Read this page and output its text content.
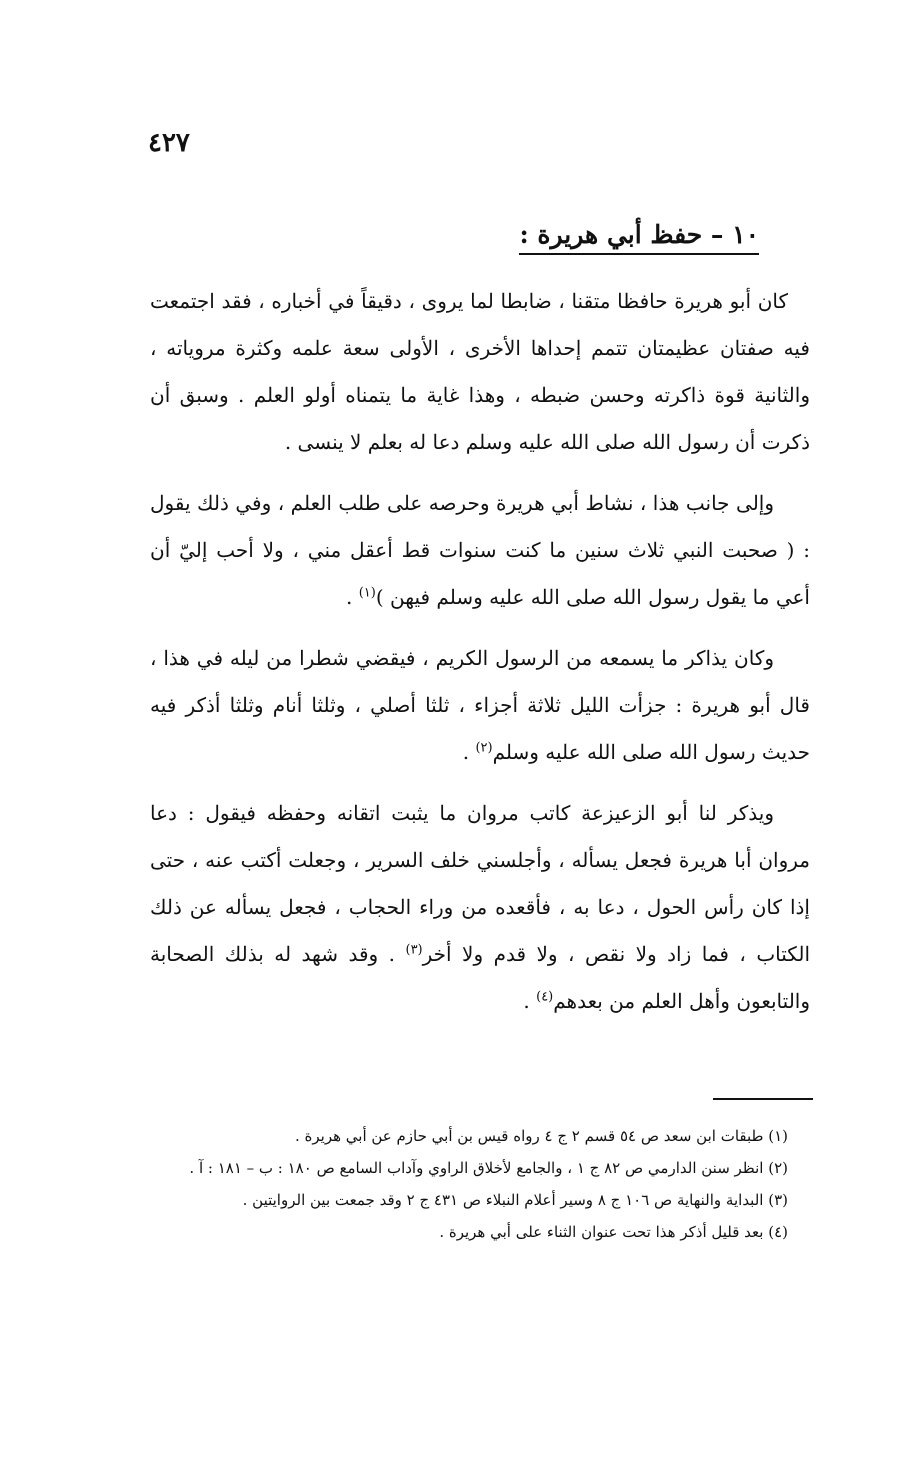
٤٢٧
١٠ – حفظ أبي هريرة :

كان أبو هريرة حافظا متقنا ، ضابطا لما يروى ، دقيقاً في أخباره ، فقد اجتمعت فيه صفتان عظيمتان تتمم إحداها الأخرى ، الأولى سعة علمه وكثرة مروياته ، والثانية قوة ذاكرته وحسن ضبطه ، وهذا غاية ما يتمناه أولو العلم . وسبق أن ذكرت أن رسول الله صلى الله عليه وسلم دعا له بعلم لا ينسى .

وإلى جانب هذا ، نشاط أبي هريرة وحرصه على طلب العلم ، وفي ذلك يقول : ( صحبت النبي ثلاث سنين ما كنت سنوات قط أعقل مني ، ولا أحب إليّ أن أعي ما يقول رسول الله صلى الله عليه وسلم فيهن )$^{(١)}$ .

وكان يذاكر ما يسمعه من الرسول الكريم ، فيقضي شطرا من ليله في هذا ، قال أبو هريرة : جزأت الليل ثلاثة أجزاء ، ثلثا أصلي ، وثلثا أنام وثلثا أذكر فيه حديث رسول الله صلى الله عليه وسلم$^{(٢)}$ .

ويذكر لنا أبو الزعيزعة كاتب مروان ما يثبت اتقانه وحفظه فيقول : دعا مروان أبا هريرة فجعل يسأله ، وأجلسني خلف السرير ، وجعلت أكتب عنه ، حتى إذا كان رأس الحول ، دعا به ، فأقعده من وراء الحجاب ، فجعل يسأله عن ذلك الكتاب ، فما زاد ولا نقص ، ولا قدم ولا أخر$^{(٣)}$ . وقد شهد له بذلك الصحابة والتابعون وأهل العلم من بعدهم$^{(٤)}$ .

(١) طبقات ابن سعد ص ٥٤ قسم ٢ ج ٤ رواه قيس بن أبي حازم عن أبي هريرة .

(٢) انظر سنن الدارمي ص ٨٢ ج ١ ، والجامع لأخلاق الراوي وآداب السامع ص ١٨٠ : ب – ١٨١ : آ .

(٣) البداية والنهاية ص ١٠٦ ج ٨ وسير أعلام النبلاء ص ٤٣١ ج ٢ وقد جمعت بين الروايتين .

(٤) بعد قليل أذكر هذا تحت عنوان الثناء على أبي هريرة .
